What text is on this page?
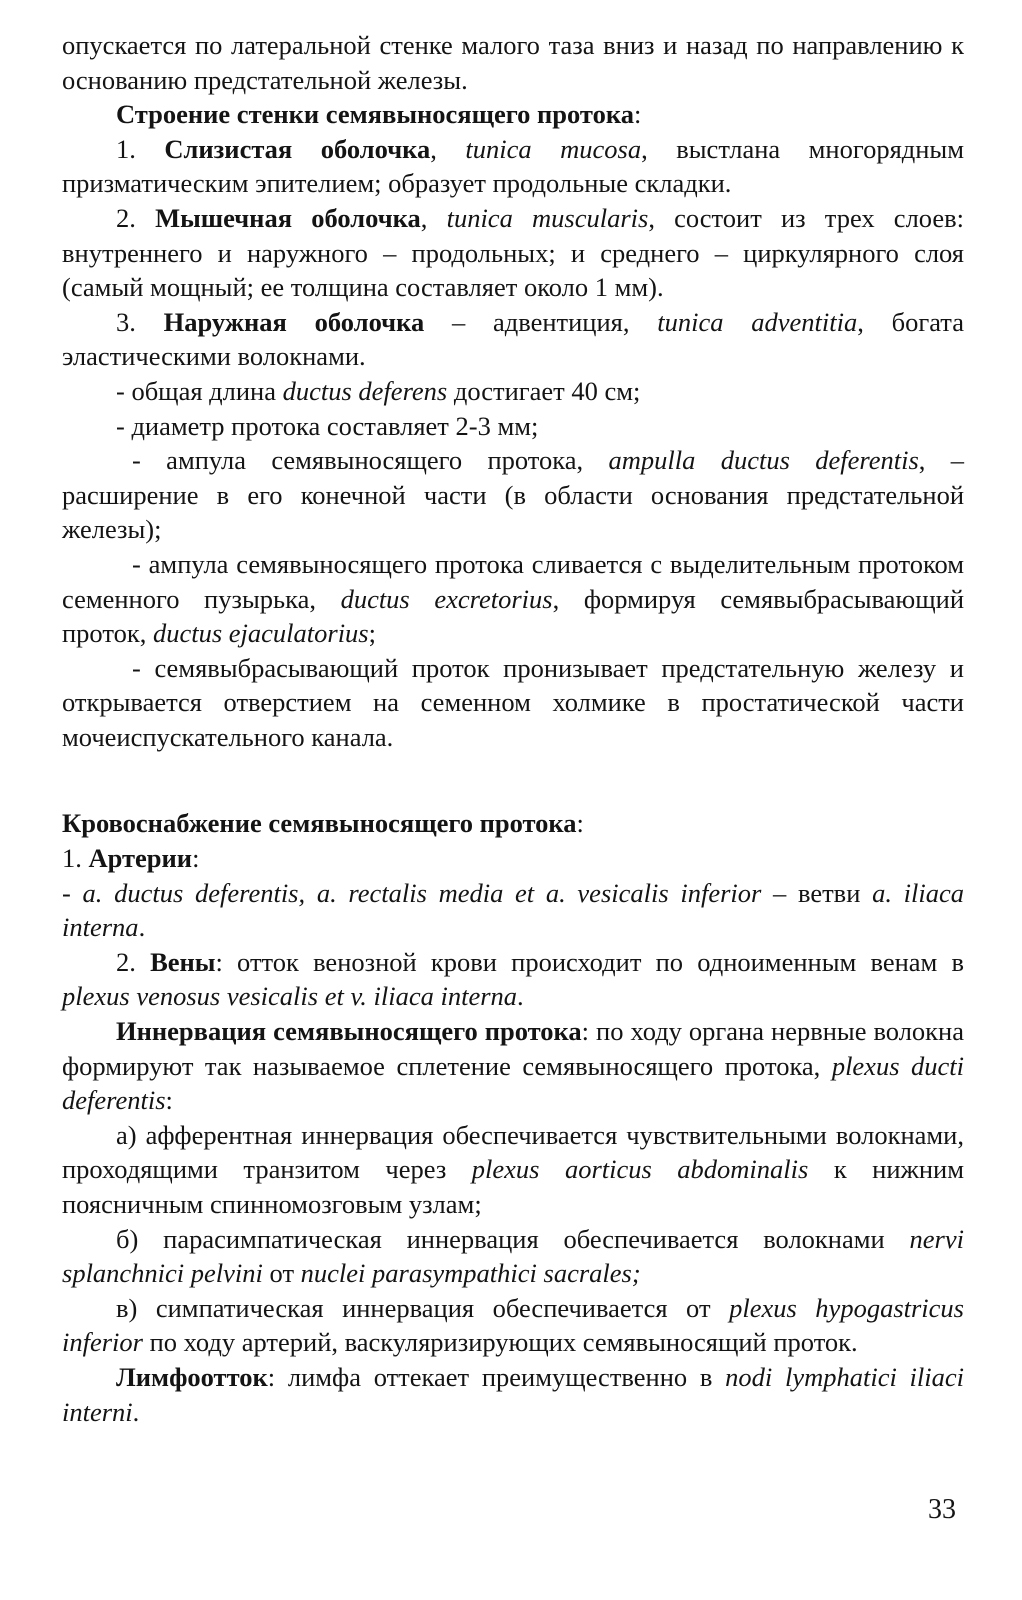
опускается по латеральной стенке малого таза вниз и назад по направлению к основанию предстательной железы.

Строение стенки семявыносящего протока:

1. Слизистая оболочка, tunica mucosa, выстлана многорядным призматическим эпителием; образует продольные складки.

2. Мышечная оболочка, tunica muscularis, состоит из трех слоев: внутреннего и наружного – продольных; и среднего – циркулярного слоя (самый мощный; ее толщина составляет около 1 мм).

3. Наружная оболочка – адвентиция, tunica adventitia, богата эластическими волокнами.

- общая длина ductus deferens достигает 40 см;

- диаметр протока составляет 2-3 мм;

- ампула семявыносящего протока, ampulla ductus deferentis, – расширение в его конечной части (в области основания предстательной железы);

- ампула семявыносящего протока сливается с выделительным протоком семенного пузырька, ductus excretorius, формируя семявыбрасывающий проток, ductus ejaculatorius;

- семявыбрасывающий проток пронизывает предстательную железу и открывается отверстием на семенном холмике в простатической части мочеиспускательного канала.

Кровоснабжение семявыносящего протока:

1. Артерии:

- a. ductus deferentis, a. rectalis media et a. vesicalis inferior – ветви a. iliaca interna.

2. Вены: отток венозной крови происходит по одноименным венам в plexus venosus vesicalis et v. iliaca interna.

Иннервация семявыносящего протока: по ходу органа нервные волокна формируют так называемое сплетение семявыносящего протока, plexus ducti deferentis:

а) афферентная иннервация обеспечивается чувствительными волокнами, проходящими транзитом через plexus aorticus abdominalis к нижним поясничным спинномозговым узлам;

б) парасимпатическая иннервация обеспечивается волокнами nervi splanchnici pelvini от nuclei parasympathici sacrales;

в) симпатическая иннервация обеспечивается от plexus hypogastricus inferior по ходу артерий, васкуляризирующих семявыносящий проток.

Лимфоотток: лимфа оттекает преимущественно в nodi lymphatici iliaci interni.

33
